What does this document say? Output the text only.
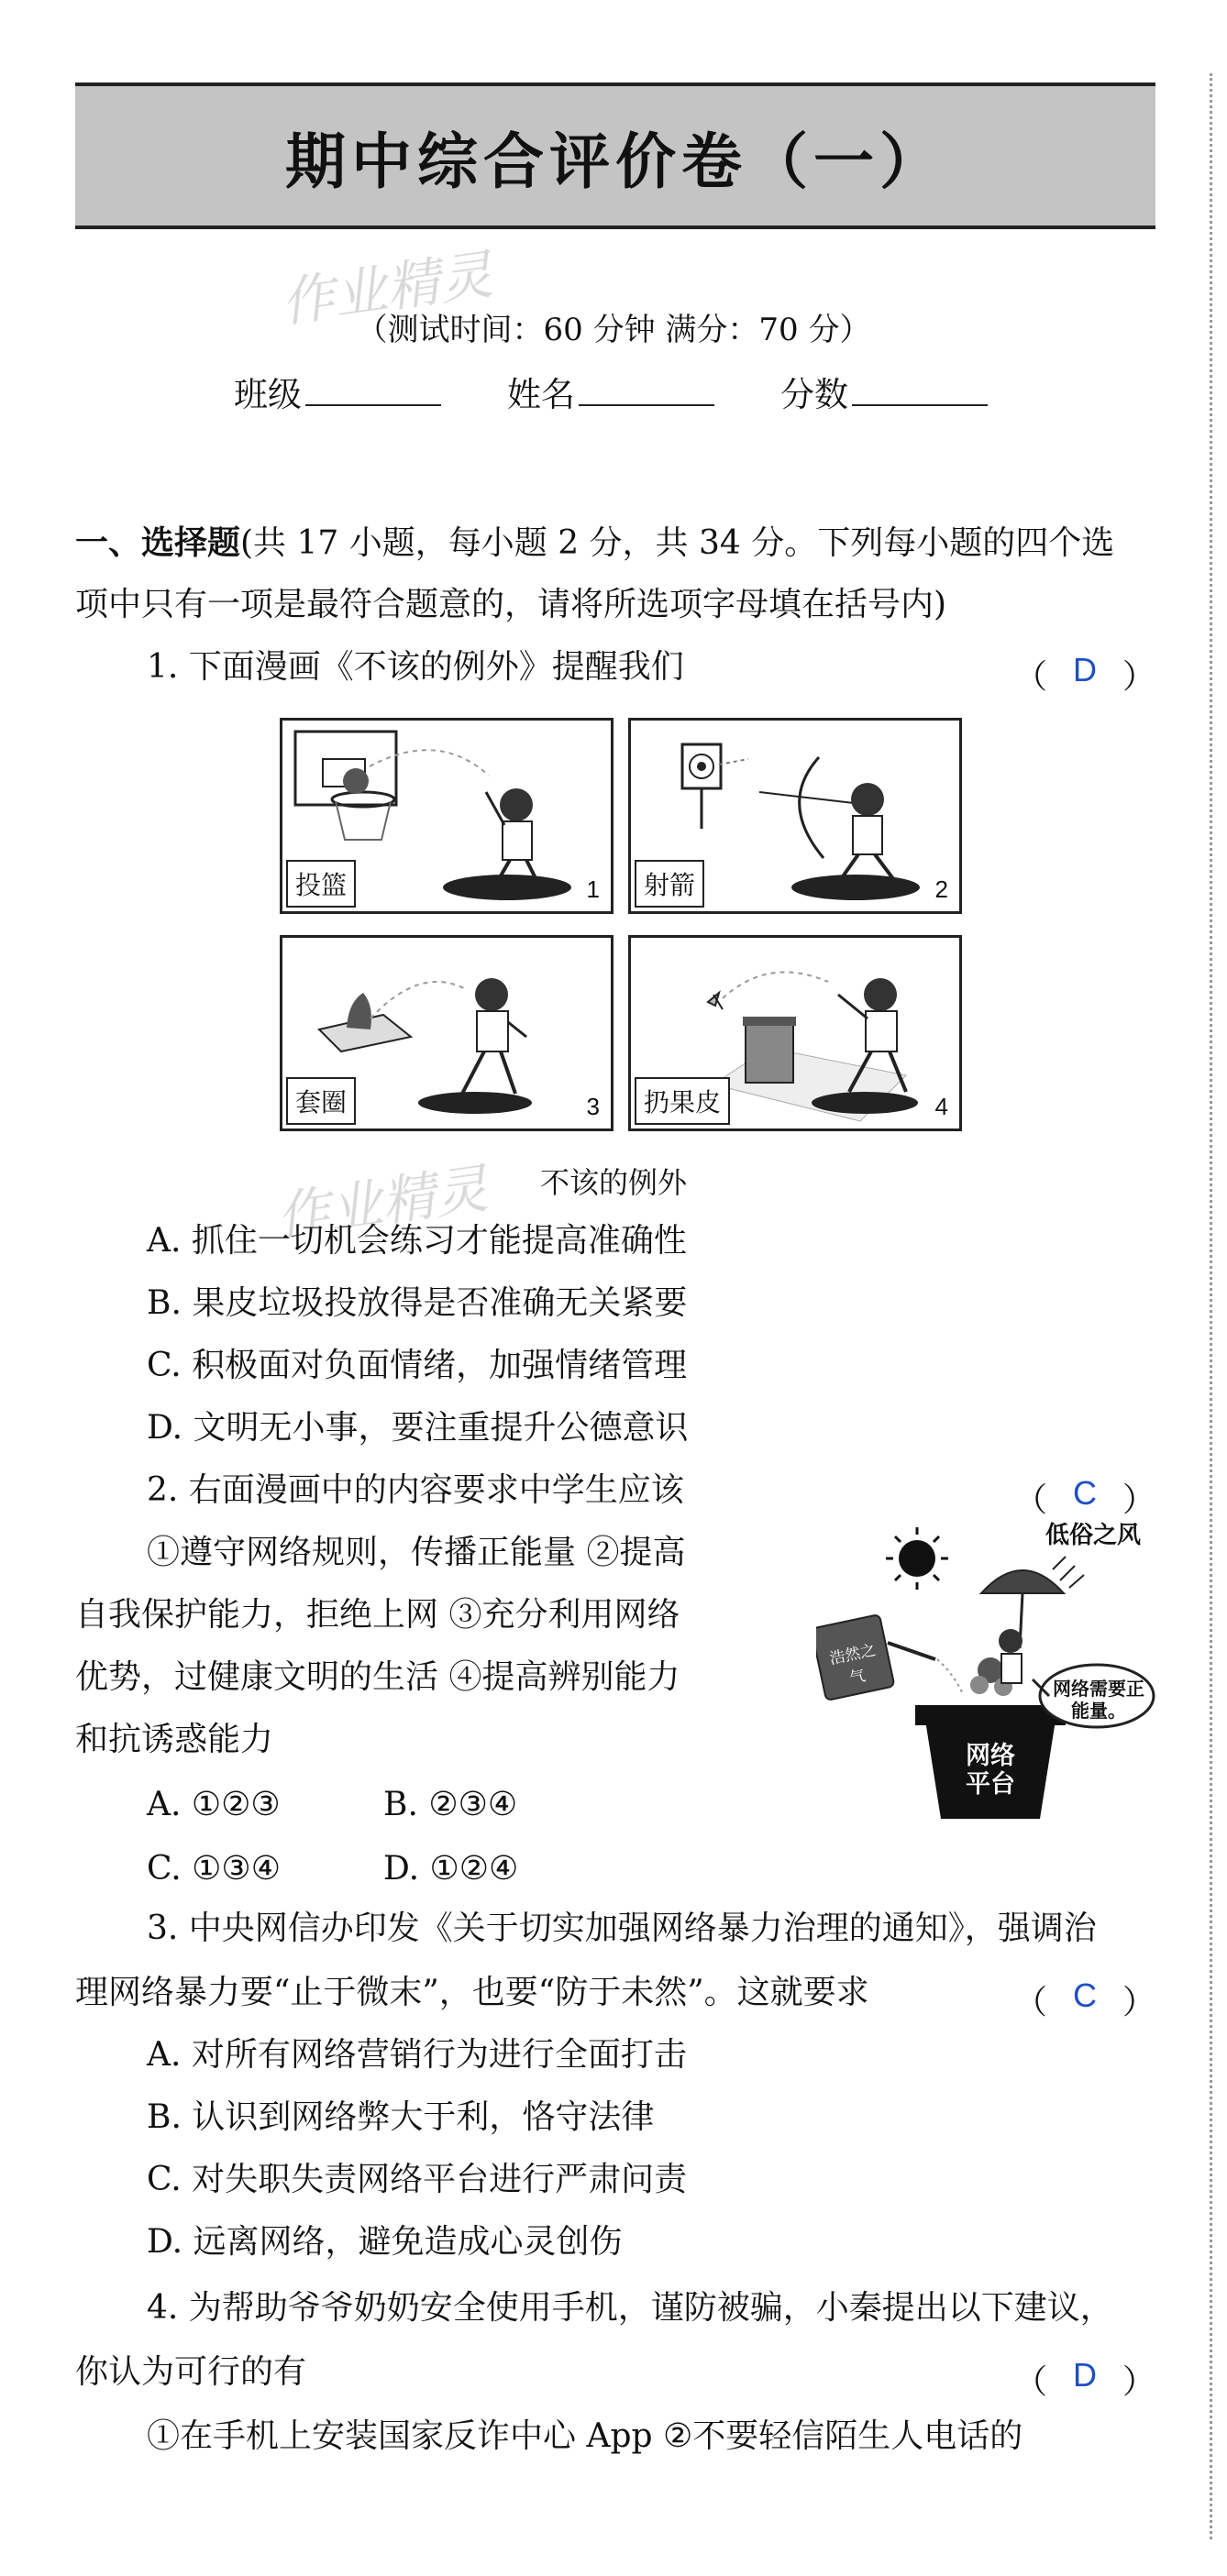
期中综合评价卷（一）
作业精灵
作业精灵
（测试时间：60 分钟 满分：70 分）
班级	姓名	分数
一、选择题(共 17 小题，每小题 2 分，共 34 分。下列每小题的四个选
项中只有一项是最符合题意的，请将所选项字母填在括号内)
1. 下面漫画《不该的例外》提醒我们	（ D ）
投篮	1	射箭	2
套圈	3	扔果皮	4
不该的例外
A. 抓住一切机会练习才能提高准确性
B. 果皮垃圾投放得是否准确无关紧要
C. 积极面对负面情绪，加强情绪管理
D. 文明无小事，要注重提升公德意识
2. 右面漫画中的内容要求中学生应该	（ C ）
①遵守网络规则，传播正能量 ②提高
自我保护能力，拒绝上网 ③充分利用网络
优势，过健康文明的生活 ④提高辨别能力
和抗诱惑能力
A. ①②③	B. ②③④
C. ①③④	D. ①②④
低俗之风
浩然之气
网络需要正能量。
网络平台
3. 中央网信办印发《关于切实加强网络暴力治理的通知》，强调治
理网络暴力要“止于微末”，也要“防于未然”。这就要求	（ C ）
A. 对所有网络营销行为进行全面打击
B. 认识到网络弊大于利，恪守法律
C. 对失职失责网络平台进行严肃问责
D. 远离网络，避免造成心灵创伤
4. 为帮助爷爷奶奶安全使用手机，谨防被骗，小秦提出以下建议，
你认为可行的有	（ D ）
①在手机上安装国家反诈中心 App ②不要轻信陌生人电话的
